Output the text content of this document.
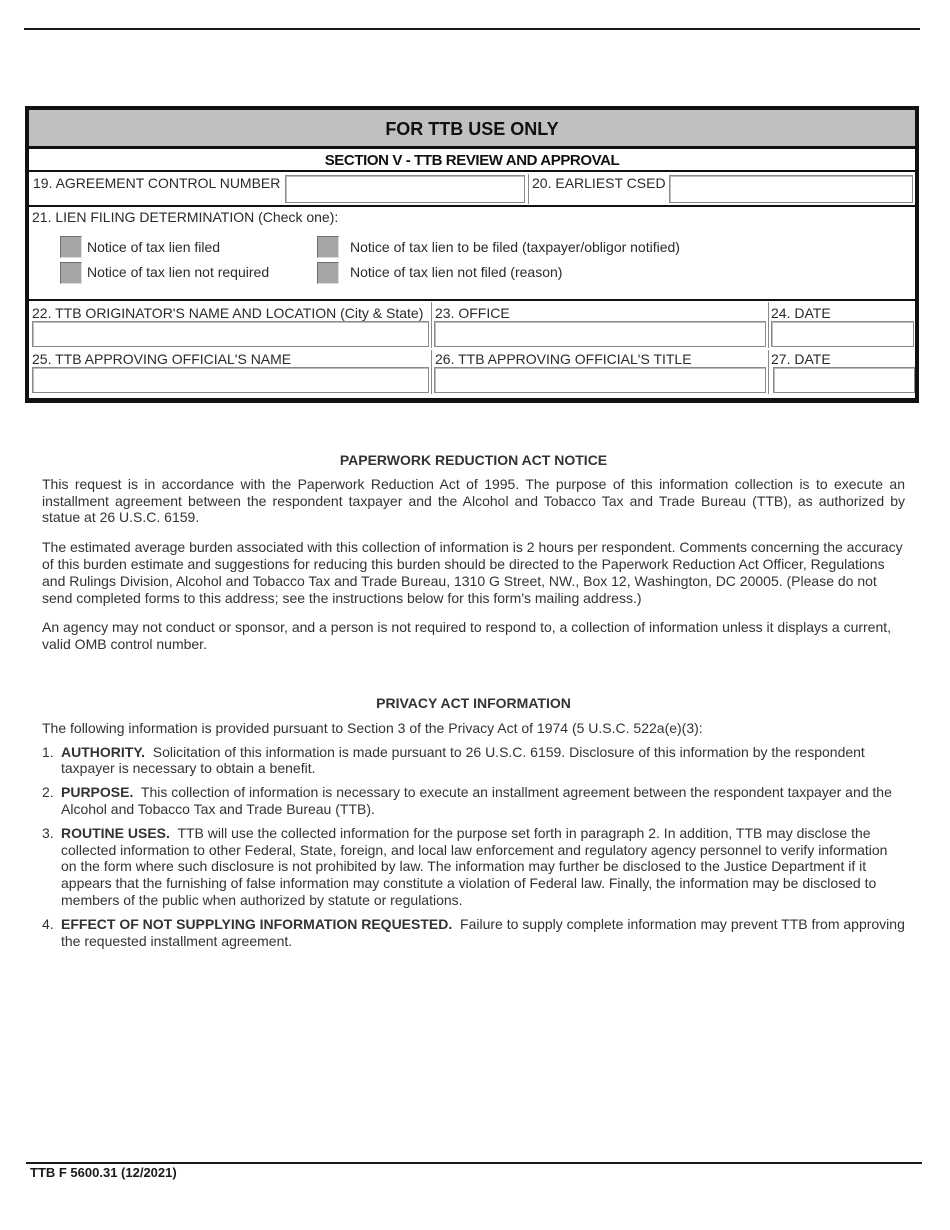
FOR TTB USE ONLY
SECTION V - TTB REVIEW AND APPROVAL
19. AGREEMENT CONTROL NUMBER	20. EARLIEST CSED
21. LIEN FILING DETERMINATION (Check one):
Notice of tax lien filed
Notice of tax lien not required
Notice of tax lien to be filed (taxpayer/obligor notified)
Notice of tax lien not filed (reason)
22. TTB ORIGINATOR'S NAME AND LOCATION (City & State) 23. OFFICE	24. DATE
25. TTB APPROVING OFFICIAL'S NAME	26. TTB APPROVING OFFICIAL'S TITLE	27. DATE

PAPERWORK REDUCTION ACT NOTICE

This request is in accordance with the Paperwork Reduction Act of 1995. The purpose of this information collection is to execute an installment agreement between the respondent taxpayer and the Alcohol and Tobacco Tax and Trade Bureau (TTB), as authorized by statue at 26 U.S.C. 6159.

The estimated average burden associated with this collection of information is 2 hours per respondent. Comments concerning the accuracy of this burden estimate and suggestions for reducing this burden should be directed to the Paperwork Reduction Act Officer, Regulations and Rulings Division, Alcohol and Tobacco Tax and Trade Bureau, 1310 G Street, NW., Box 12, Washington, DC 20005. (Please do not send completed forms to this address; see the instructions below for this form's mailing address.)

An agency may not conduct or sponsor, and a person is not required to respond to, a collection of information unless it displays a current, valid OMB control number.

PRIVACY ACT INFORMATION

The following information is provided pursuant to Section 3 of the Privacy Act of 1974 (5 U.S.C. 522a(e)(3):

1. AUTHORITY. Solicitation of this information is made pursuant to 26 U.S.C. 6159. Disclosure of this information by the respondent taxpayer is necessary to obtain a benefit.
2. PURPOSE. This collection of information is necessary to execute an installment agreement between the respondent taxpayer and the Alcohol and Tobacco Tax and Trade Bureau (TTB).
3. ROUTINE USES. TTB will use the collected information for the purpose set forth in paragraph 2. In addition, TTB may disclose the collected information to other Federal, State, foreign, and local law enforcement and regulatory agency personnel to verify information on the form where such disclosure is not prohibited by law. The information may further be disclosed to the Justice Department if it appears that the furnishing of false information may constitute a violation of Federal law. Finally, the information may be disclosed to members of the public when authorized by statute or regulations.
4. EFFECT OF NOT SUPPLYING INFORMATION REQUESTED. Failure to supply complete information may prevent TTB from approving the requested installment agreement.
TTB F 5600.31 (12/2021)
